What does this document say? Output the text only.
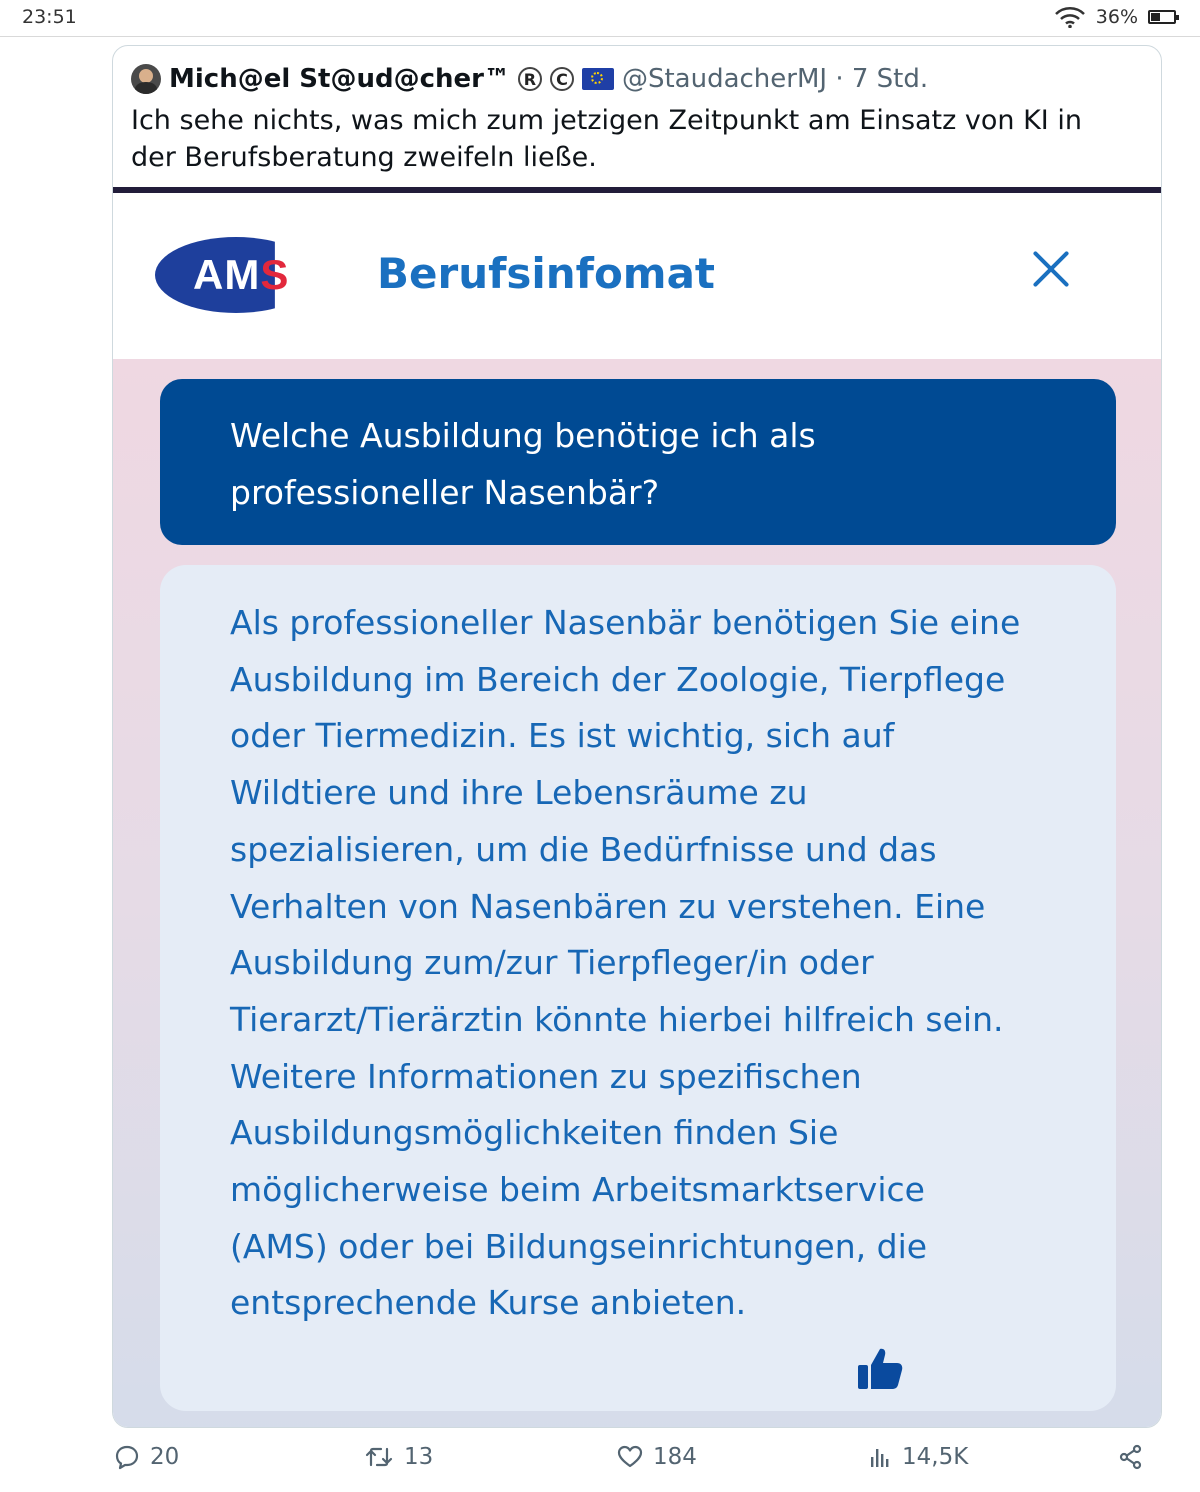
23:51	36%
Mich@el St@ud@cher™ R	C @StaudacherMJ · 7 Std.
Ich sehe nichts, was mich zum jetzigen Zeitpunkt am Einsatz von KI in der Berufsberatung zweifeln ließe.
AMS Berufsinfomat
Welche Ausbildung benötige ich als professioneller Nasenbär?
Als professioneller Nasenbär benötigen Sie eine
Ausbildung im Bereich der Zoologie, Tierpflege
oder Tiermedizin. Es ist wichtig, sich auf
Wildtiere und ihre Lebensräume zu
spezialisieren, um die Bedürfnisse und das
Verhalten von Nasenbären zu verstehen. Eine
Ausbildung zum/zur Tierpfleger/in oder
Tierarzt/Tierärztin könnte hierbei hilfreich sein.
Weitere Informationen zu spezifischen
Ausbildungsmöglichkeiten finden Sie
möglicherweise beim Arbeitsmarktservice
(AMS) oder bei Bildungseinrichtungen, die
entsprechende Kurse anbieten.
20	13	184	14,5K
